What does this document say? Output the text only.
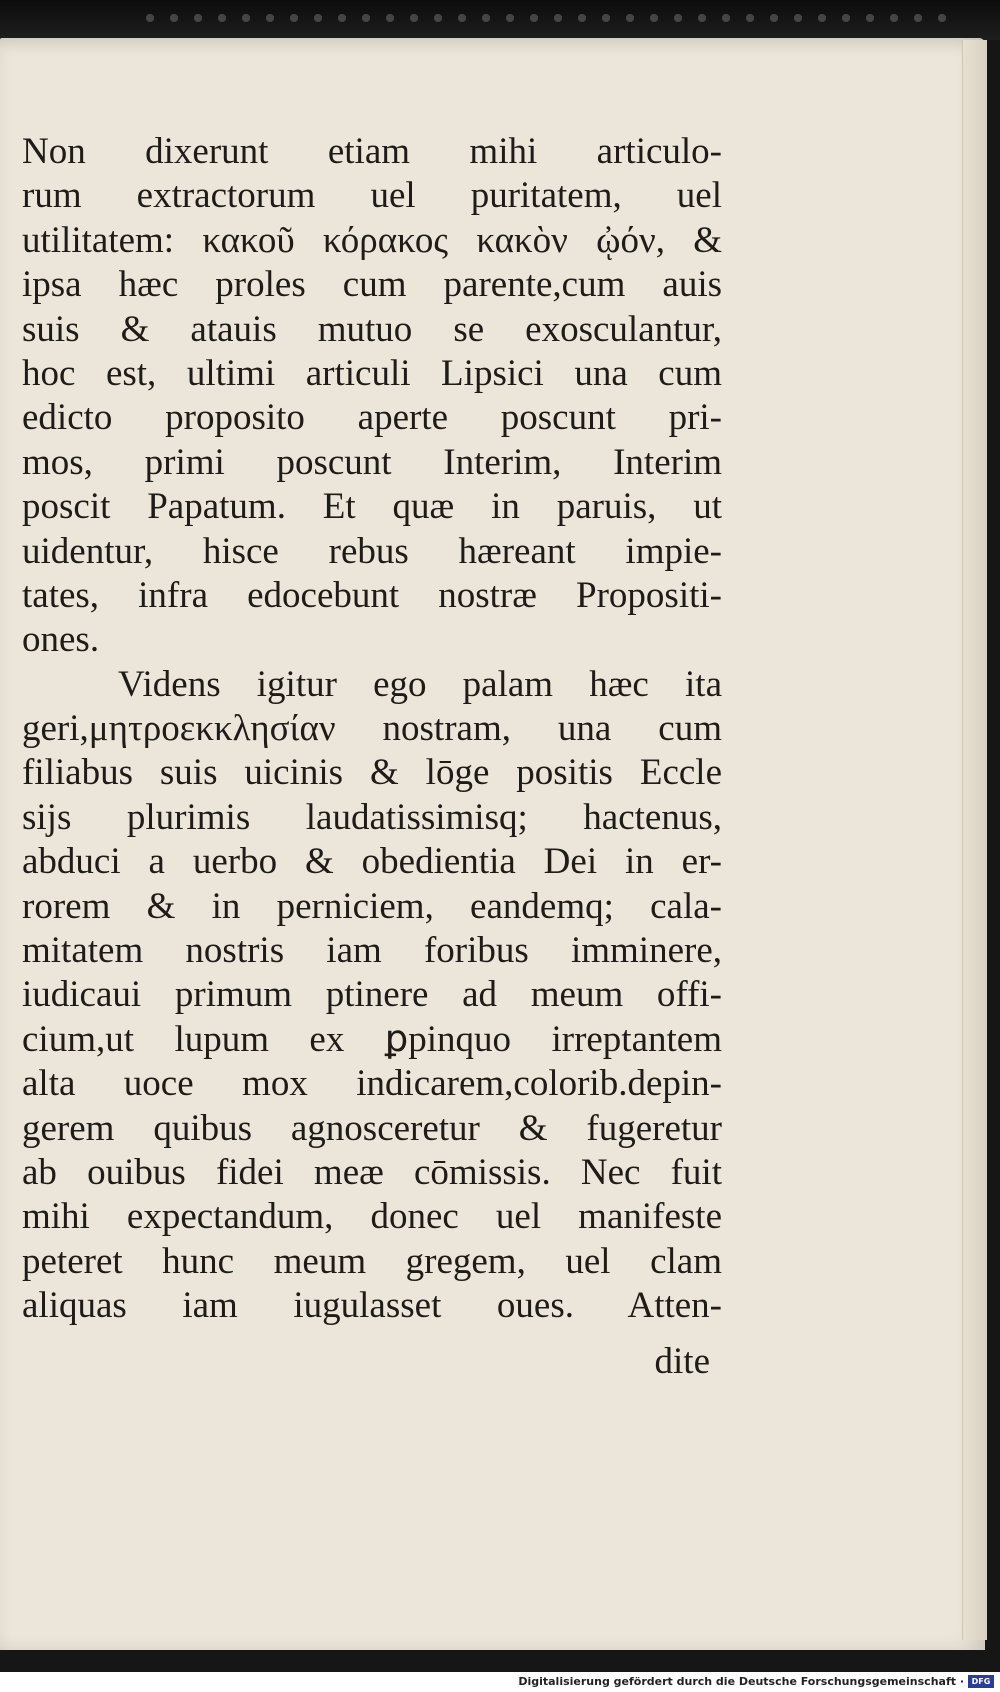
Non dixerunt etiam mihi articulo-
rum extractorum uel puritatem, uel
utilitatem: κακοῦ κόρακος κακὸν ᾠόν, &
ipsa hæc proles cum parente,cum auis
suis & atauis mutuo se exosculantur,
hoc est, ultimi articuli Lipsici una cum
edicto proposito aperte poscunt pri-
mos, primi poscunt Interim, Interim
poscit Papatum. Et quæ in paruis, ut
uidentur, hisce rebus hæreant impie-
tates, infra edocebunt nostræ Propositi-
ones.
Videns igitur ego palam hæc ita
geri,μητροεκκλησίαν nostram, una cum
filiabus suis uicinis & lōge positis Eccle
sijs plurimis laudatissimisq; hactenus,
abduci a uerbo & obedientia Dei in er-
rorem & in perniciem, eandemq; cala-
mitatem nostris iam foribus imminere,
iudicaui primum ptinere ad meum offi-
cium,ut lupum ex ꝑpinquo irreptantem
alta uoce mox indicarem,colorib.depin-
gerem quibus agnosceretur & fugeretur
ab ouibus fidei meæ cōmissis. Nec fuit
mihi expectandum, donec uel manifeste
peteret hunc meum gregem, uel clam
aliquas iam iugulasset oues. Atten-
dite
Digitalisierung gefördert durch die Deutsche Forschungsgemeinschaft · DFG
